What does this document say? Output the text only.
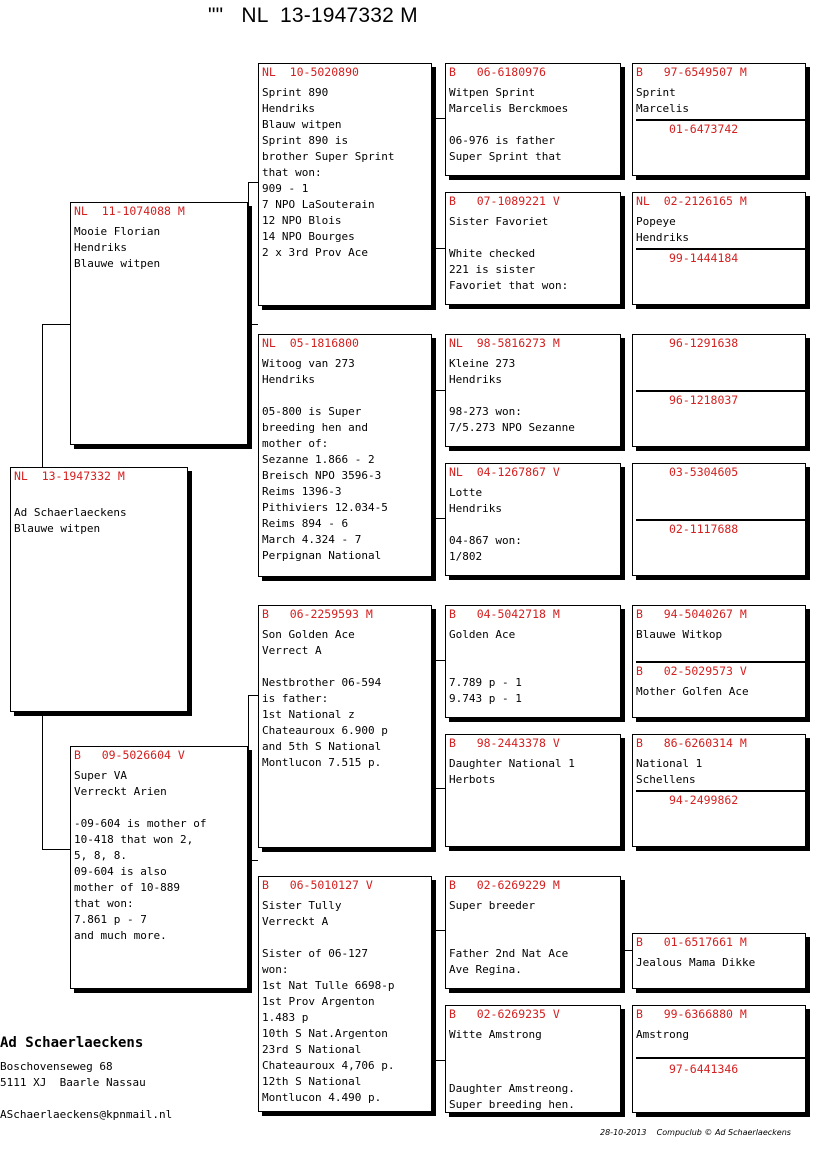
""   NL  13-1947332 M
NL  13-1947332 M
Ad Schaerlaeckens
Blauwe witpen
NL  11-1074088 M
Mooie Florian
Hendriks
Blauwe witpen
B   09-5026604 V
Super VA
Verreckt Arien
-09-604 is mother of
10-418 that won 2,
5, 8, 8.
09-604 is also
mother of 10-889
that won:
7.861 p - 7
and much more.
NL  10-5020890
Sprint 890
Hendriks
Blauw witpen
Sprint 890 is
brother Super Sprint
that won:
909 - 1
7 NPO LaSouterain
12 NPO Blois
14 NPO Bourges
2 x 3rd Prov Ace
NL  05-1816800
Witoog van 273
Hendriks
05-800 is Super
breeding hen and
mother of:
Sezanne 1.866 - 2
Breisch NPO 3596-3
Reims 1396-3
Pithiviers 12.034-5
Reims 894 - 6
March 4.324 - 7
Perpignan National
B   06-2259593 M
Son Golden Ace
Verrect A
Nestbrother 06-594
is father:
1st National z
Chateauroux 6.900 p
and 5th S National
Montlucon 7.515 p.
B   06-5010127 V
Sister Tully
Verreckt A
Sister of 06-127
won:
1st Nat Tulle 6698-p
1st Prov Argenton
1.483 p
10th S Nat.Argenton
23rd S National
Chateauroux 4,706 p.
12th S National
Montlucon 4.490 p.
B   06-6180976
Witpen Sprint
Marcelis Berckmoes
06-976 is father
Super Sprint that
B   07-1089221 V
Sister Favoriet
White checked
221 is sister
Favoriet that won:
NL  98-5816273 M
Kleine 273
Hendriks
98-273 won:
7/5.273 NPO Sezanne
NL  04-1267867 V
Lotte
Hendriks
04-867 won:
1/802
B   04-5042718 M
Golden Ace
7.789 p - 1
9.743 p - 1
B   98-2443378 V
Daughter National 1
Herbots
B   02-6269229 M
Super breeder
Father 2nd Nat Ace
Ave Regina.
B   02-6269235 V
Witte Amstrong
Daughter Amstreong.
Super breeding hen.
B   97-6549507 M
Sprint
Marcelis
01-6473742
NL  02-2126165 M
Popeye
Hendriks
99-1444184
96-1291638
96-1218037
03-5304605
02-1117688
B   94-5040267 M
Blauwe Witkop
B   02-5029573 V
Mother Golfen Ace
B   86-6260314 M
National 1
Schellens
94-2499862
B   01-6517661 M
Jealous Mama Dikke
B   99-6366880 M
Amstrong
97-6441346
Ad Schaerlaeckens
Boschovenseweg 68
5111 XJ  Baarle Nassau
ASchaerlaeckens@kpnmail.nl
28-10-2013    Compuclub © Ad Schaerlaeckens
